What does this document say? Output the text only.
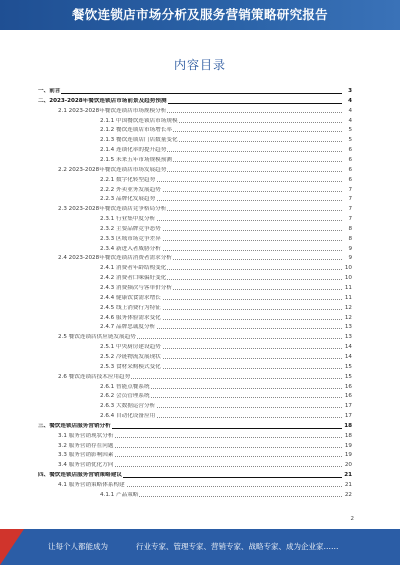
餐饮连锁店市场分析及服务营销策略研究报告
内容目录
一、前言	3
二、2023-2028年餐饮连锁店市场前景及趋势预测	4
2.1 2023-2028年餐饮连锁店市场规模分析	4
2.1.1 中国餐饮连锁店市场规模	4
2.1.2 餐饮连锁店市场增长率	5
2.1.3 餐饮连锁店门店数量变化	5
2.1.4 连锁化率的提升趋势	6
2.1.5 未来五年市场规模预测	6
2.2 2023-2028年餐饮连锁店市场发展趋势	6
2.2.1 数字化转型趋势	6
2.2.2 外卖业务发展趋势	7
2.2.3 品牌化发展趋势	7
2.3 2023-2028年餐饮连锁店竞争格局分析	7
2.3.1 行业集中度分析	7
2.3.2 主要品牌竞争态势	8
2.3.3 区域市场竞争差异	8
2.3.4 新进入者威胁分析	9
2.4 2023-2028年餐饮连锁店消费者需求分析	9
2.4.1 消费者年龄结构变化	10
2.4.2 消费者口味偏好变化	10
2.4.3 消费频次与客单价分析	11
2.4.4 健康饮食需求增长	11
2.4.5 线上消费行为特征	12
2.4.6 服务体验需求变化	12
2.4.7 品牌忠诚度分析	13
2.5 餐饮连锁店供应链发展趋势	13
2.5.1 中央厨房建设趋势	14
2.5.2 冷链物流发展现状	14
2.5.3 食材采购模式变化	15
2.6 餐饮连锁店技术应用趋势	15
2.6.1 智能点餐系统	16
2.6.2 会员管理系统	16
2.6.3 大数据运营分析	17
2.6.4 自动化设备应用	17
三、餐饮连锁店服务营销分析	18
3.1 服务营销现状分析	18
3.2 服务营销存在问题	19
3.3 服务营销影响因素	19
3.4 服务营销优化方向	20
四、餐饮连锁店服务营销策略建议	21
4.1 服务营销策略体系构建	21
4.1.1 产品策略	22
2
让每个人都能成为	行业专家、管理专家、营销专家、战略专家、成为企业家……
